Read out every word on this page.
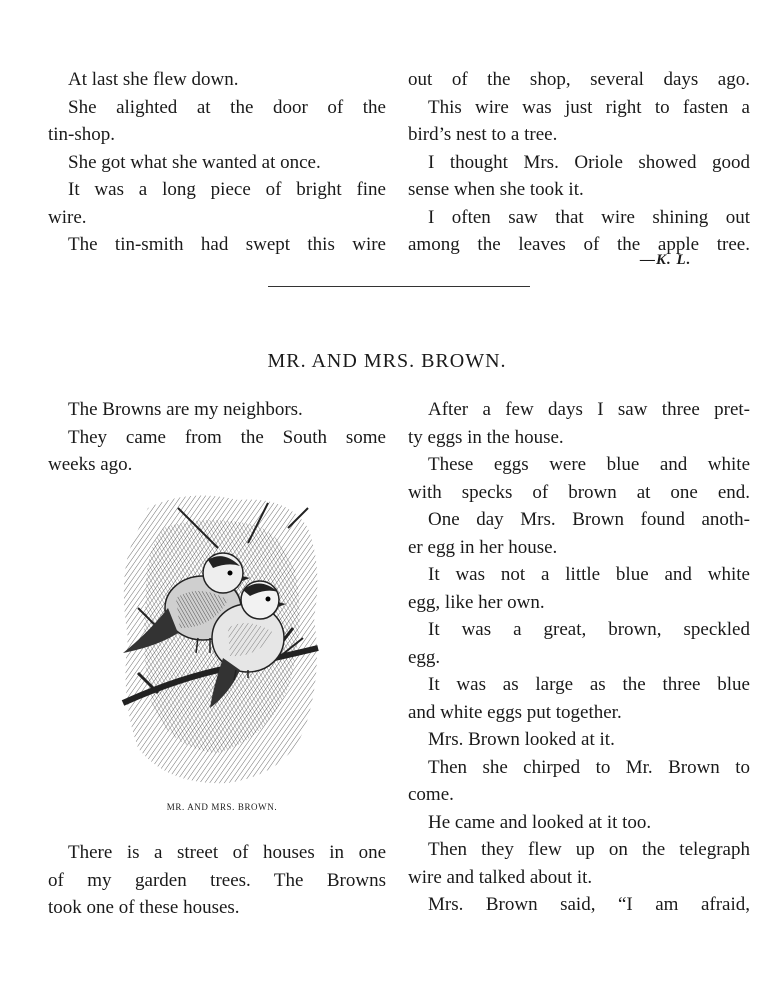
At last she flew down.

She alighted at the door of the

tin-shop.

She got what she wanted at once.

It was a long piece of bright fine

wire.

The tin-smith had swept this wire

out of the shop, several days ago.

This wire was just right to fasten a

bird’s nest to a tree.

I thought Mrs. Oriole showed good

sense when she took it.

I often saw that wire shining out

among the leaves of the apple tree.

—K. L.
MR. AND MRS. BROWN.

The Browns are my neighbors.

They came from the South some

weeks ago.

MR. AND MRS. BROWN.

There is a street of houses in one

of my garden trees. The Browns

took one of these houses.

After a few days I saw three pret-

ty eggs in the house.

These eggs were blue and white

with specks of brown at one end.

One day Mrs. Brown found anoth-

er egg in her house.

It was not a little blue and white

egg, like her own.

It was a great, brown, speckled

egg.

It was as large as the three blue

and white eggs put together.

Mrs. Brown looked at it.

Then she chirped to Mr. Brown to

come.

He came and looked at it too.

Then they flew up on the telegraph

wire and talked about it.

Mrs. Brown said, “I am afraid,
